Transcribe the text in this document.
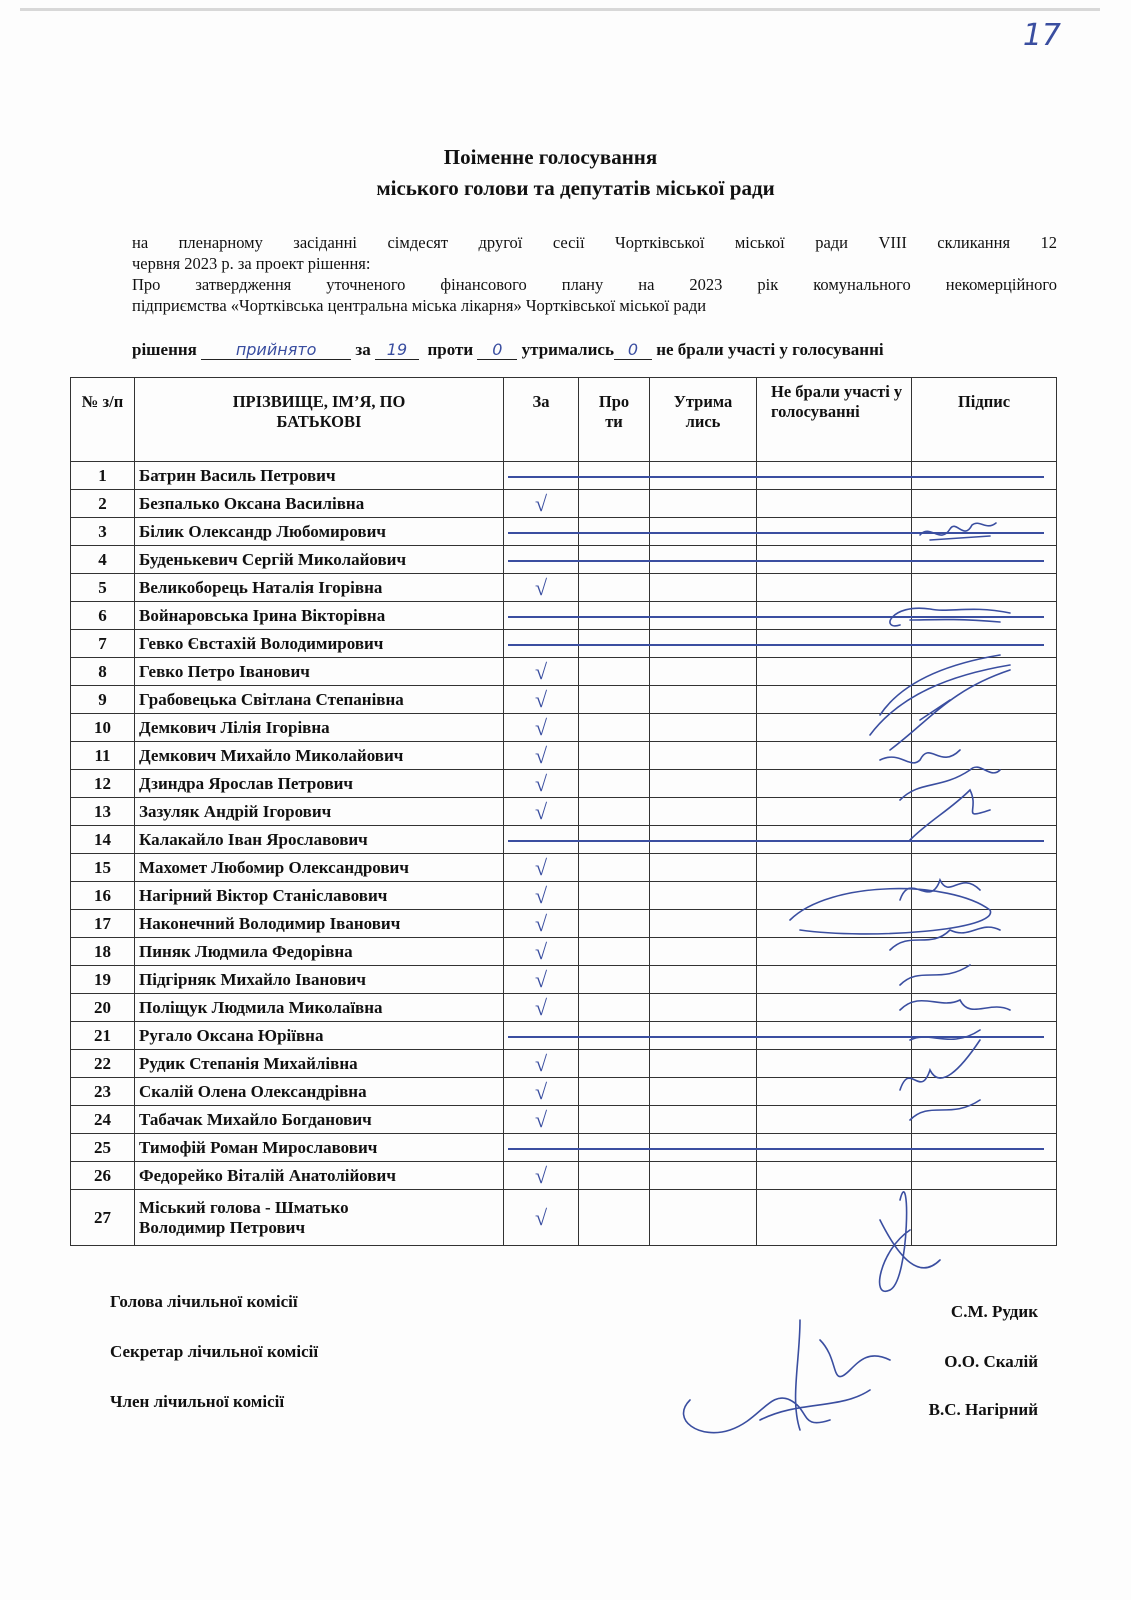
17
Поіменне голосування
міського голови та депутатів міської ради
на пленарному засіданні сімдесят другої сесії Чортківської міської ради VIII скликання 12
червня 2023 р. за проект рішення:
Про затвердження уточненого фінансового плану на 2023 рік комунального некомерційного
підприємства «Чортківська центральна міська лікарня» Чортківської міської ради
рішення прийнято за 19 проти 0 утримались 0 не брали участі у голосуванні
№ з/п	ПРІЗВИЩЕ, ІМ’Я, ПО БАТЬКОВІ	За	Про ти	Утрима лись	Не брали участі у голосуванні	Підпис
1	Батрин Василь Петрович					
2	Безпалько Оксана Василівна	√				
3	Білик Олександр Любомирович					
4	Буденькевич Сергій Миколайович					
5	Великоборець Наталія Ігорівна	√				
6	Войнаровська Ірина Вікторівна					
7	Гевко Євстахій Володимирович					
8	Гевко Петро Іванович	√				
9	Грабовецька Світлана Степанівна	√				
10	Демкович Лілія Ігорівна	√				
11	Демкович Михайло Миколайович	√				
12	Дзиндра Ярослав Петрович	√				
13	Зазуляк Андрій Ігорович	√				
14	Калакайло Іван Ярославович					
15	Махомет Любомир Олександрович	√				
16	Нагірний Віктор Станіславович	√				
17	Наконечний Володимир Іванович	√				
18	Пиняк Людмила Федорівна	√				
19	Підгірняк Михайло Іванович	√				
20	Поліщук Людмила Миколаївна	√				
21	Ругало Оксана Юріївна					
22	Рудик Степанія Михайлівна	√				
23	Скалій Олена Олександрівна	√				
24	Табачак Михайло Богданович	√				
25	Тимофій Роман Мирославович					
26	Федорейко Віталій Анатолійович	√				
27	Міський голова - Шматько
Володимир Петрович	√				
Голова лічильної комісії
С.М. Рудик
Секретар лічильної комісії
О.О. Скалій
Член лічильної комісії	В.С. Нагірний
